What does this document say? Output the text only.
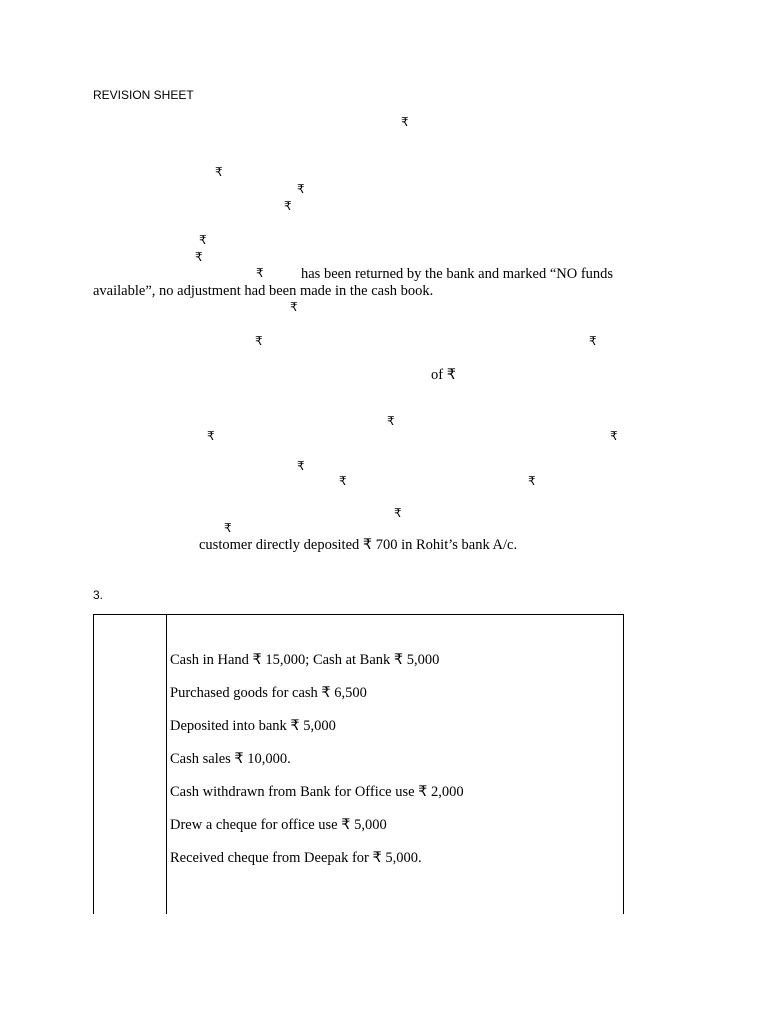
REVISION SHEET
₹
₹
₹
₹
₹
₹
₹	has been returned by the bank and marked “NO funds
available”, no adjustment had been made in the cash book.
₹
₹	₹
of ₹
₹
₹	₹
₹
₹	₹
₹
₹
customer directly deposited ₹ 700 in Rohit’s bank A/c.
3.
Cash in Hand ₹ 15,000; Cash at Bank ₹ 5,000
Purchased goods for cash ₹ 6,500
Deposited into bank ₹ 5,000
Cash sales ₹ 10,000.
Cash withdrawn from Bank for Office use ₹ 2,000
Drew a cheque for office use ₹ 5,000
Received cheque from Deepak for ₹ 5,000.
